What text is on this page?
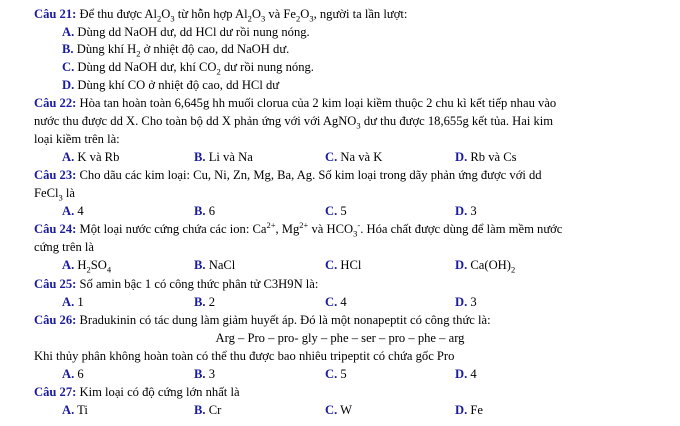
Câu 21: Để thu được $Al_2O_3$ từ hỗn hợp $Al_2O_3$ và $Fe_2O_3$, người ta lần lượt:
A. Dùng dd NaOH dư, dd HCl dư rồi nung nóng.
B. Dùng khí $H_2$ ở nhiệt độ cao, dd NaOH dư.
C. Dùng dd NaOH dư, khí $CO_2$ dư rồi nung nóng.
D. Dùng khí CO ở nhiệt độ cao, dd HCl dư
Câu 22: Hòa tan hoàn toàn 6,645g hh muối clorua của 2 kim loại kiềm thuộc 2 chu kì kết tiếp nhau vào
nước thu được dd X. Cho toàn bộ dd X phản ứng với với AgNO$_3$ dư thu được 18,655g kết tủa. Hai kim
loại kiềm trên là:
A. K và Rb	B. Li và Na	C. Na và K	D. Rb và Cs
Câu 23: Cho dãu các kim loại: Cu, Ni, Zn, Mg, Ba, Ag. Số kim loại trong dãy phản ứng được với dd
FeCl$_3$ là
A. 4	B. 6	C. 5	D. 3
Câu 24: Một loại nước cứng chứa các ion: $Ca^{2+}$, $Mg^{2+}$ và $HCO_3^-$. Hóa chất được dùng để làm mềm nước
cứng trên là
A. $H_2SO_4$	B. NaCl	C. HCl	D. $Ca(OH)_2$
Câu 25: Số amin bậc 1 có công thức phân tử C3H9N là:
A. 1	B. 2	C. 4	D. 3
Câu 26: Bradukinin có tác dung làm giảm huyết áp. Đó là một nonapeptit có công thức là:
Arg – Pro – pro- gly – phe – ser – pro – phe – arg
Khi thủy phân không hoàn toàn có thể thu được bao nhiêu tripeptit có chứa gốc Pro
A. 6	B. 3	C. 5	D. 4
Câu 27: Kim loại có độ cứng lớn nhất là
A. Ti	B. Cr	C. W	D. Fe
